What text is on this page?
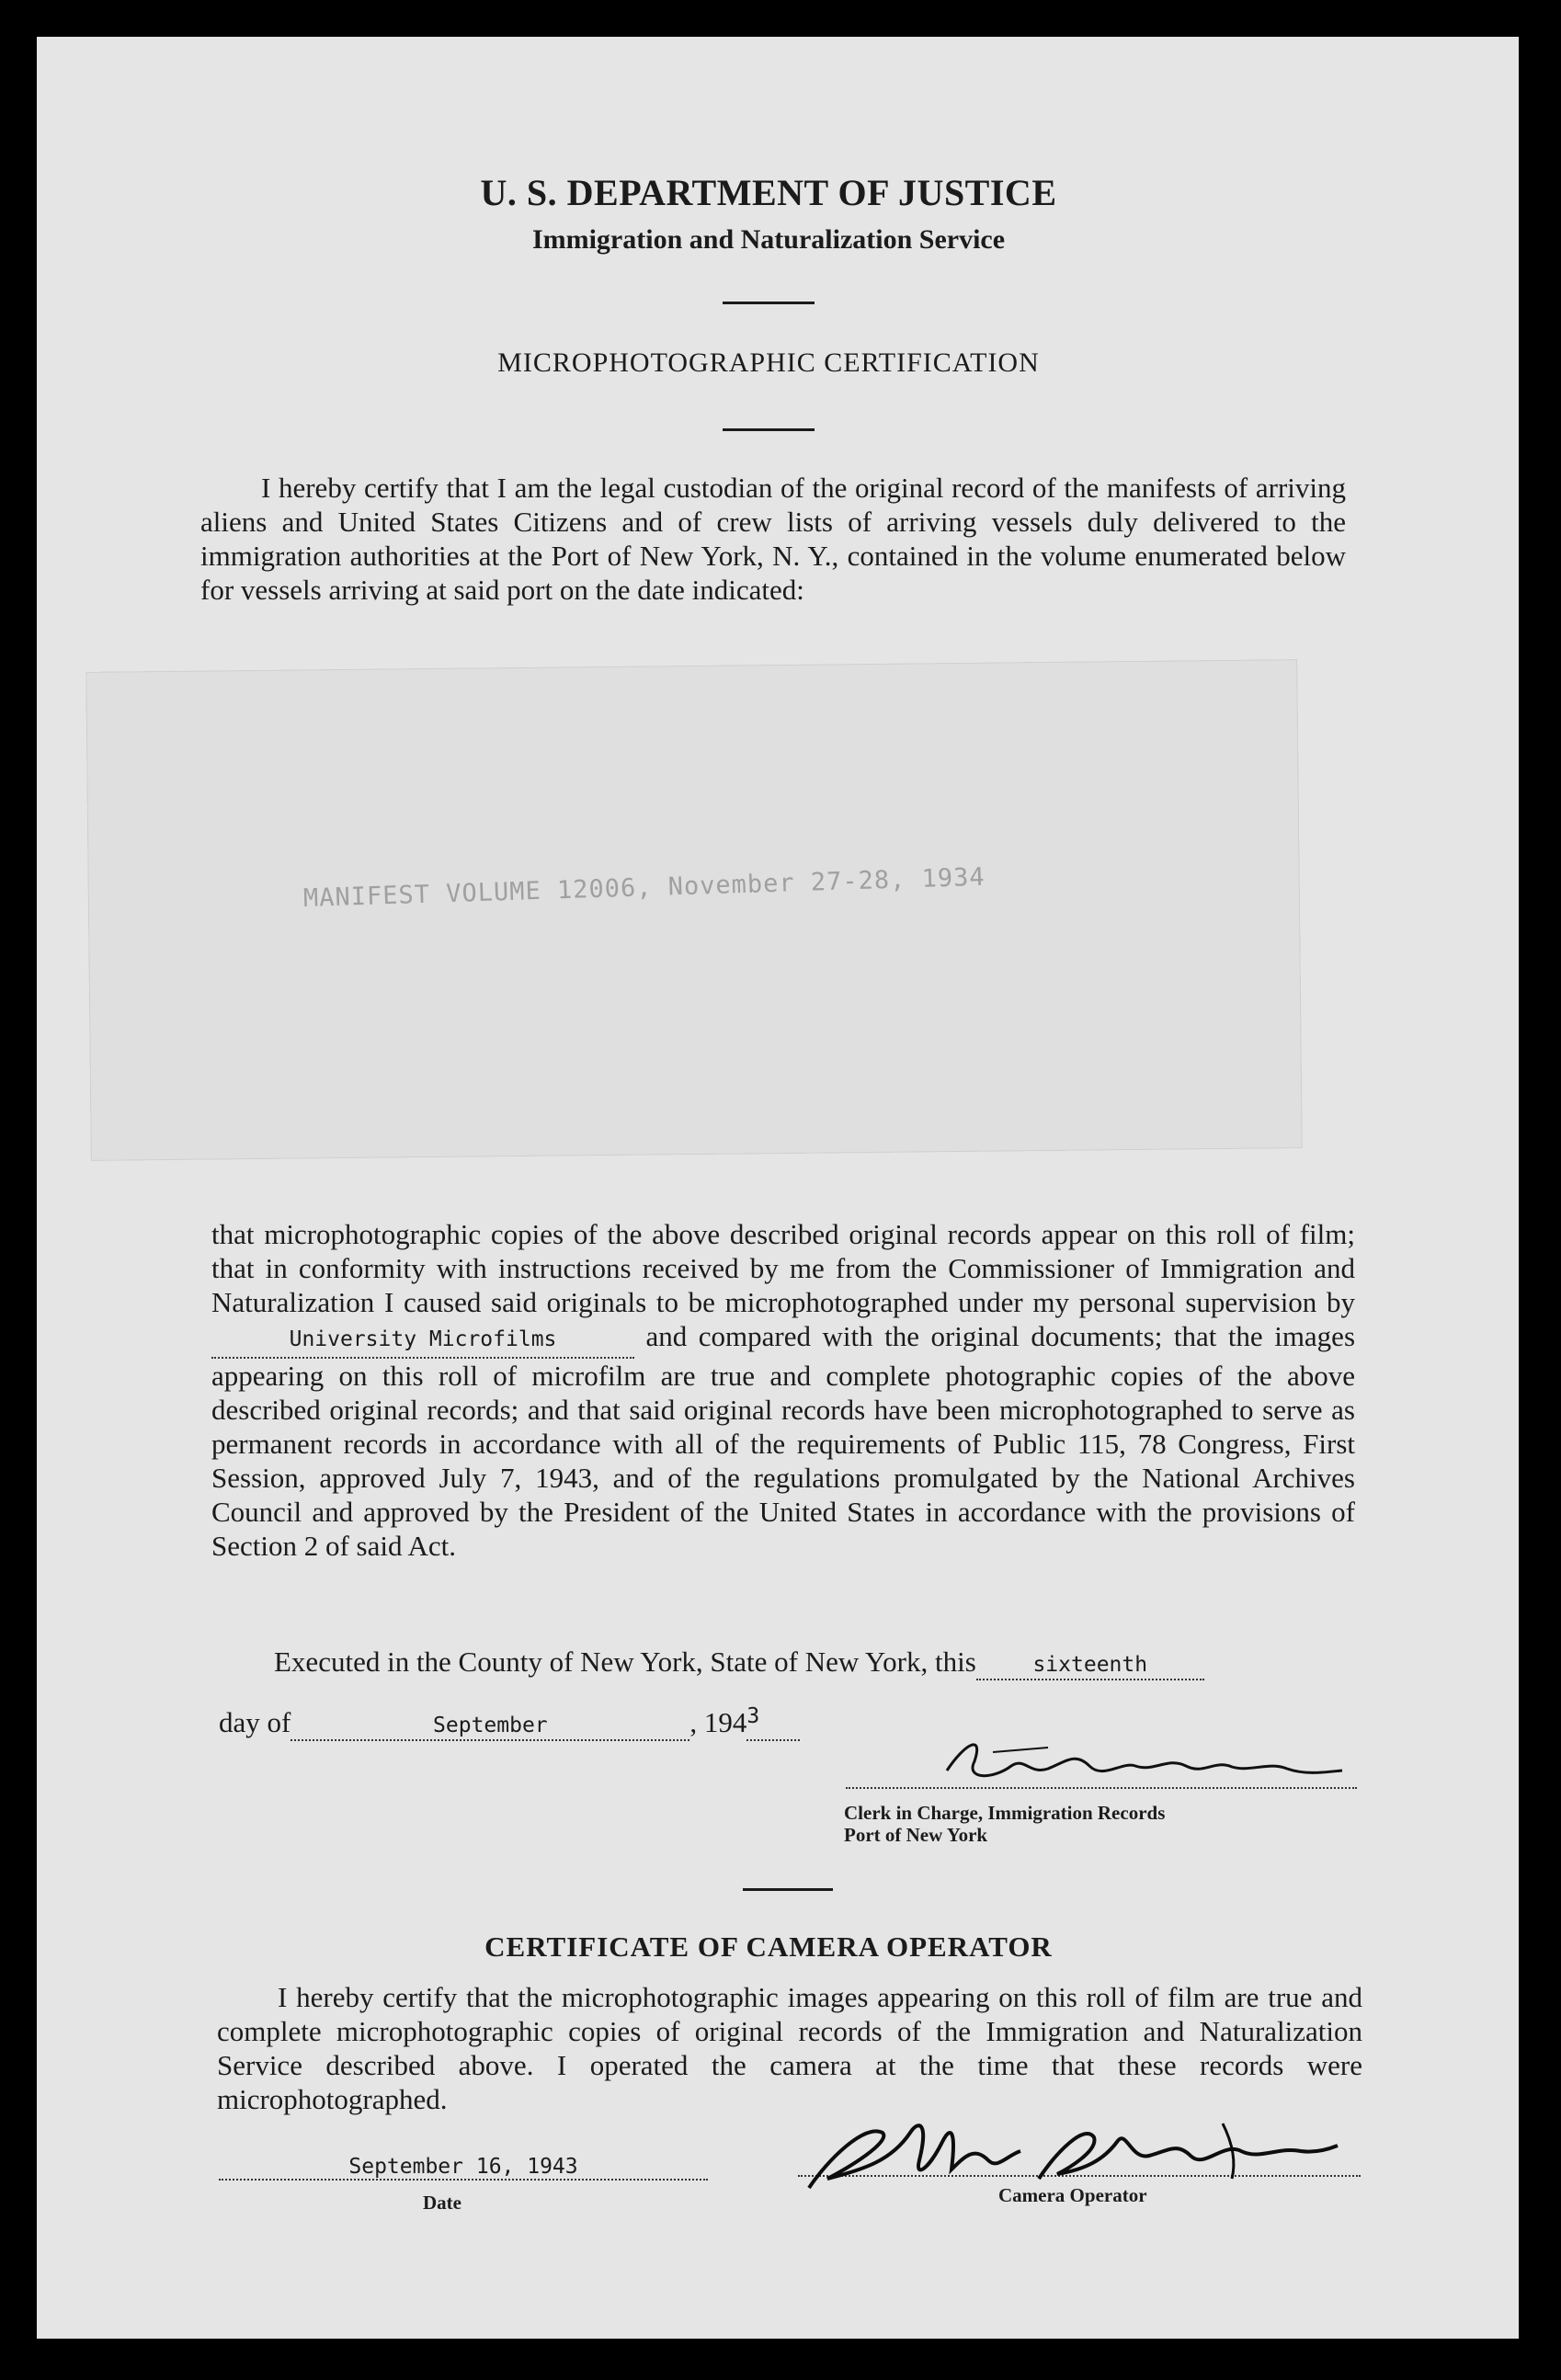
U. S. DEPARTMENT OF JUSTICE
Immigration and Naturalization Service
MICROPHOTOGRAPHIC CERTIFICATION
I hereby certify that I am the legal custodian of the original record of the manifests of arriving aliens and United States Citizens and of crew lists of arriving vessels duly delivered to the immigration authorities at the Port of New York, N. Y., contained in the volume enumerated below for vessels arriving at said port on the date indicated:
MANIFEST VOLUME 12006, November 27-28, 1934
that microphotographic copies of the above described original records appear on this roll of film; that in conformity with instructions received by me from the Commissioner of Immigration and Naturalization I caused said originals to be microphotographed under my personal supervision by University Microfilms	and compared with the original documents; that the images appearing on this roll of microfilm are true and complete photographic copies of the above described original records; and that said original records have been microphotographed to serve as permanent records in accordance with all of the requirements of Public 115, 78 Congress, First Session, approved July 7, 1943, and of the regulations promulgated by the National Archives Council and approved by the President of the United States in accordance with the provisions of Section 2 of said Act.
Executed in the County of New York, State of New York, this	sixteenth
day of	September	, $194^3$
Clerk in Charge, Immigration Records
Port of New York
CERTIFICATE OF CAMERA OPERATOR
I hereby certify that the microphotographic images appearing on this roll of film are true and complete microphotographic copies of original records of the Immigration and Naturalization Service described above. I operated the camera at the time that these records were microphotographed.
September 16, 1943
Date	Camera Operator
